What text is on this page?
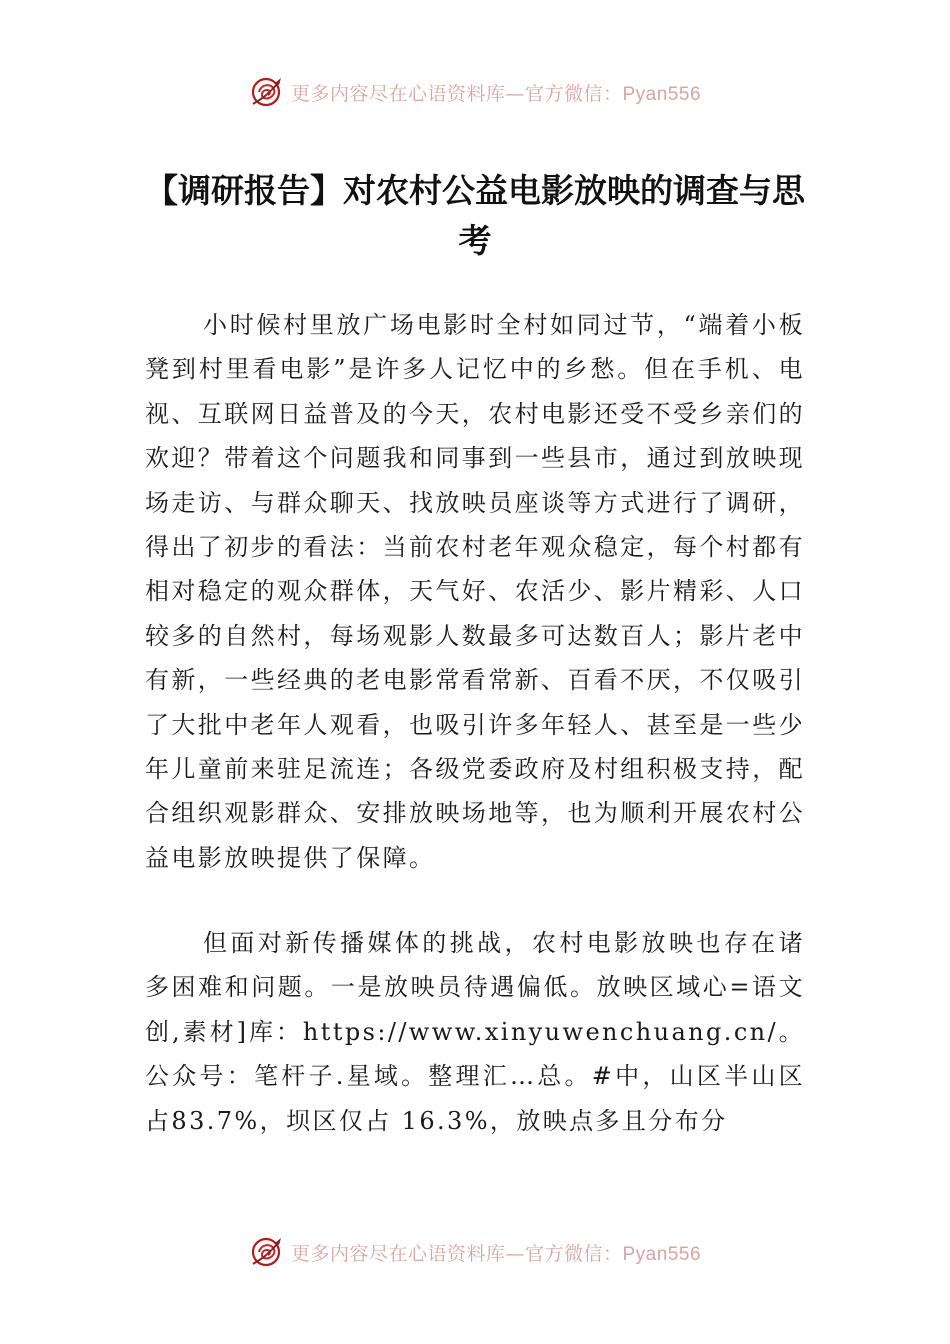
更多内容尽在心语资料库—官方微信：Pyan556
【调研报告】对农村公益电影放映的调查与思考

小时候村里放广场电影时全村如同过节，“端着小板凳到村里看电影”是许多人记忆中的乡愁。但在手机、电视、互联网日益普及的今天，农村电影还受不受乡亲们的欢迎？带着这个问题我和同事到一些县市，通过到放映现场走访、与群众聊天、找放映员座谈等方式进行了调研，得出了初步的看法：当前农村老年观众稳定，每个村都有相对稳定的观众群体，天气好、农活少、影片精彩、人口较多的自然村，每场观影人数最多可达数百人；影片老中有新，一些经典的老电影常看常新、百看不厌，不仅吸引了大批中老年人观看，也吸引许多年轻人、甚至是一些少年儿童前来驻足流连；各级党委政府及村组积极支持，配合组织观影群众、安排放映场地等，也为顺利开展农村公益电影放映提供了保障。

但面对新传播媒体的挑战，农村电影放映也存在诸多困难和问题。一是放映员待遇偏低。放映区域心=语文创,素材]库：https://www.xinyuwenchuang.cn/。公众号：笔杆子.星域。整理汇…总。#中，山区半山区占83.7%，坝区仅占 16.3%，放映点多且分布分

更多内容尽在心语资料库—官方微信：Pyan556
